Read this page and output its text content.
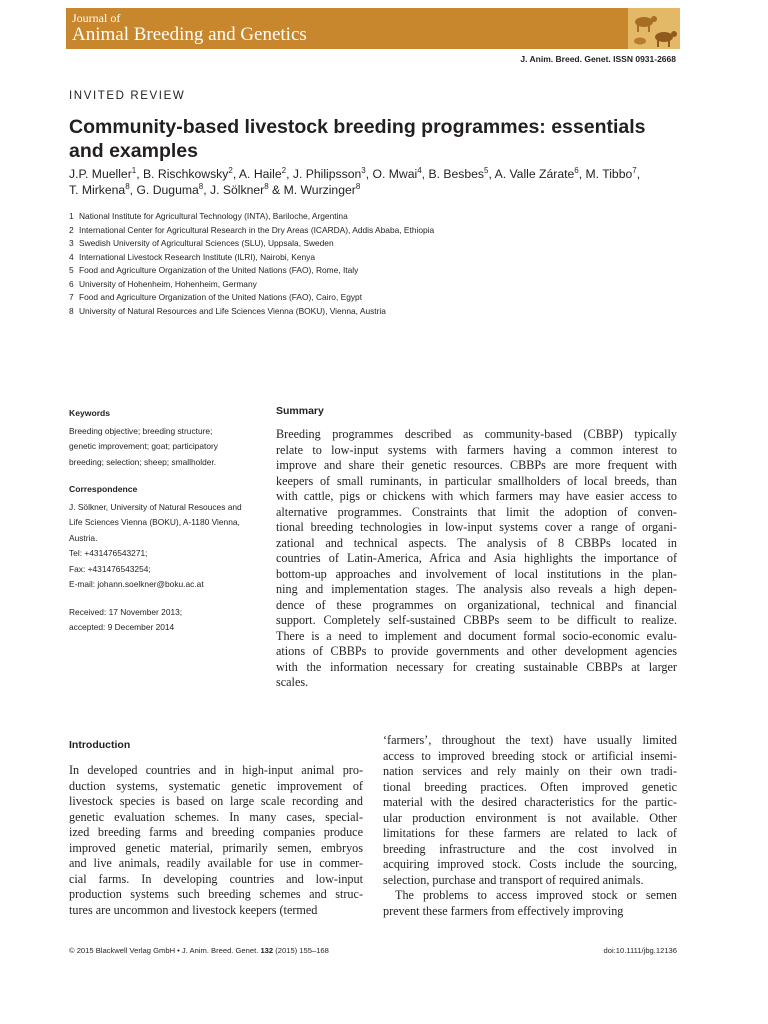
Journal of
Animal Breeding and Genetics
J. Anim. Breed. Genet. ISSN 0931-2668
INVITED REVIEW
Community-based livestock breeding programmes: essentials
and examples
J.P. Mueller$^1$, B. Rischkowsky$^2$, A. Haile$^2$, J. Philipsson$^3$, O. Mwai$^4$, B. Besbes$^5$, A. Valle Zárate$^6$, M. Tibbo$^7$,
T. Mirkena$^8$, G. Duguma$^8$, J. Sölkner$^8$ & M. Wurzinger$^8$
1 National Institute for Agricultural Technology (INTA), Bariloche, Argentina
2 International Center for Agricultural Research in the Dry Areas (ICARDA), Addis Ababa, Ethiopia
3 Swedish University of Agricultural Sciences (SLU), Uppsala, Sweden
4 International Livestock Research Institute (ILRI), Nairobi, Kenya
5 Food and Agriculture Organization of the United Nations (FAO), Rome, Italy
6 University of Hohenheim, Hohenheim, Germany
7 Food and Agriculture Organization of the United Nations (FAO), Cairo, Egypt
8 University of Natural Resources and Life Sciences Vienna (BOKU), Vienna, Austria
Keywords
Breeding objective; breeding structure;
genetic improvement; goat; participatory
breeding; selection; sheep; smallholder.
Correspondence
J. Sölkner, University of Natural Resouces and
Life Sciences Vienna (BOKU), A-1180 Vienna,
Austria.
Tel: +431476543271;
Fax: +431476543254;
E-mail: johann.soelkner@boku.ac.at
Received: 17 November 2013;
accepted: 9 December 2014
Summary
Breeding programmes described as community-based (CBBP) typically
relate to low-input systems with farmers having a common interest to
improve and share their genetic resources. CBBPs are more frequent with
keepers of small ruminants, in particular smallholders of local breeds, than
with cattle, pigs or chickens with which farmers may have easier access to
alternative programmes. Constraints that limit the adoption of conven-
tional breeding technologies in low-input systems cover a range of organi-
zational and technical aspects. The analysis of 8 CBBPs located in
countries of Latin-America, Africa and Asia highlights the importance of
bottom-up approaches and involvement of local institutions in the plan-
ning and implementation stages. The analysis also reveals a high depen-
dence of these programmes on organizational, technical and financial
support. Completely self-sustained CBBPs seem to be difficult to realize.
There is a need to implement and document formal socio-economic evalu-
ations of CBBPs to provide governments and other development agencies
with the information necessary for creating sustainable CBBPs at larger
scales.
Introduction
In developed countries and in high-input animal pro-
duction systems, systematic genetic improvement of
livestock species is based on large scale recording and
genetic evaluation schemes. In many cases, special-
ized breeding farms and breeding companies produce
improved genetic material, primarily semen, embryos
and live animals, readily available for use in commer-
cial farms. In developing countries and low-input
production systems such breeding schemes and struc-
tures are uncommon and livestock keepers (termed
‘farmers’, throughout the text) have usually limited
access to improved breeding stock or artificial insemi-
nation services and rely mainly on their own tradi-
tional breeding practices. Often improved genetic
material with the desired characteristics for the partic-
ular production environment is not available. Other
limitations for these farmers are related to lack of
breeding infrastructure and the cost involved in
acquiring improved stock. Costs include the sourcing,
selection, purchase and transport of required animals.
The problems to access improved stock or semen
prevent these farmers from effectively improving
© 2015 Blackwell Verlag GmbH • J. Anim. Breed. Genet. 132 (2015) 155–168	doi:10.1111/jbg.12136
